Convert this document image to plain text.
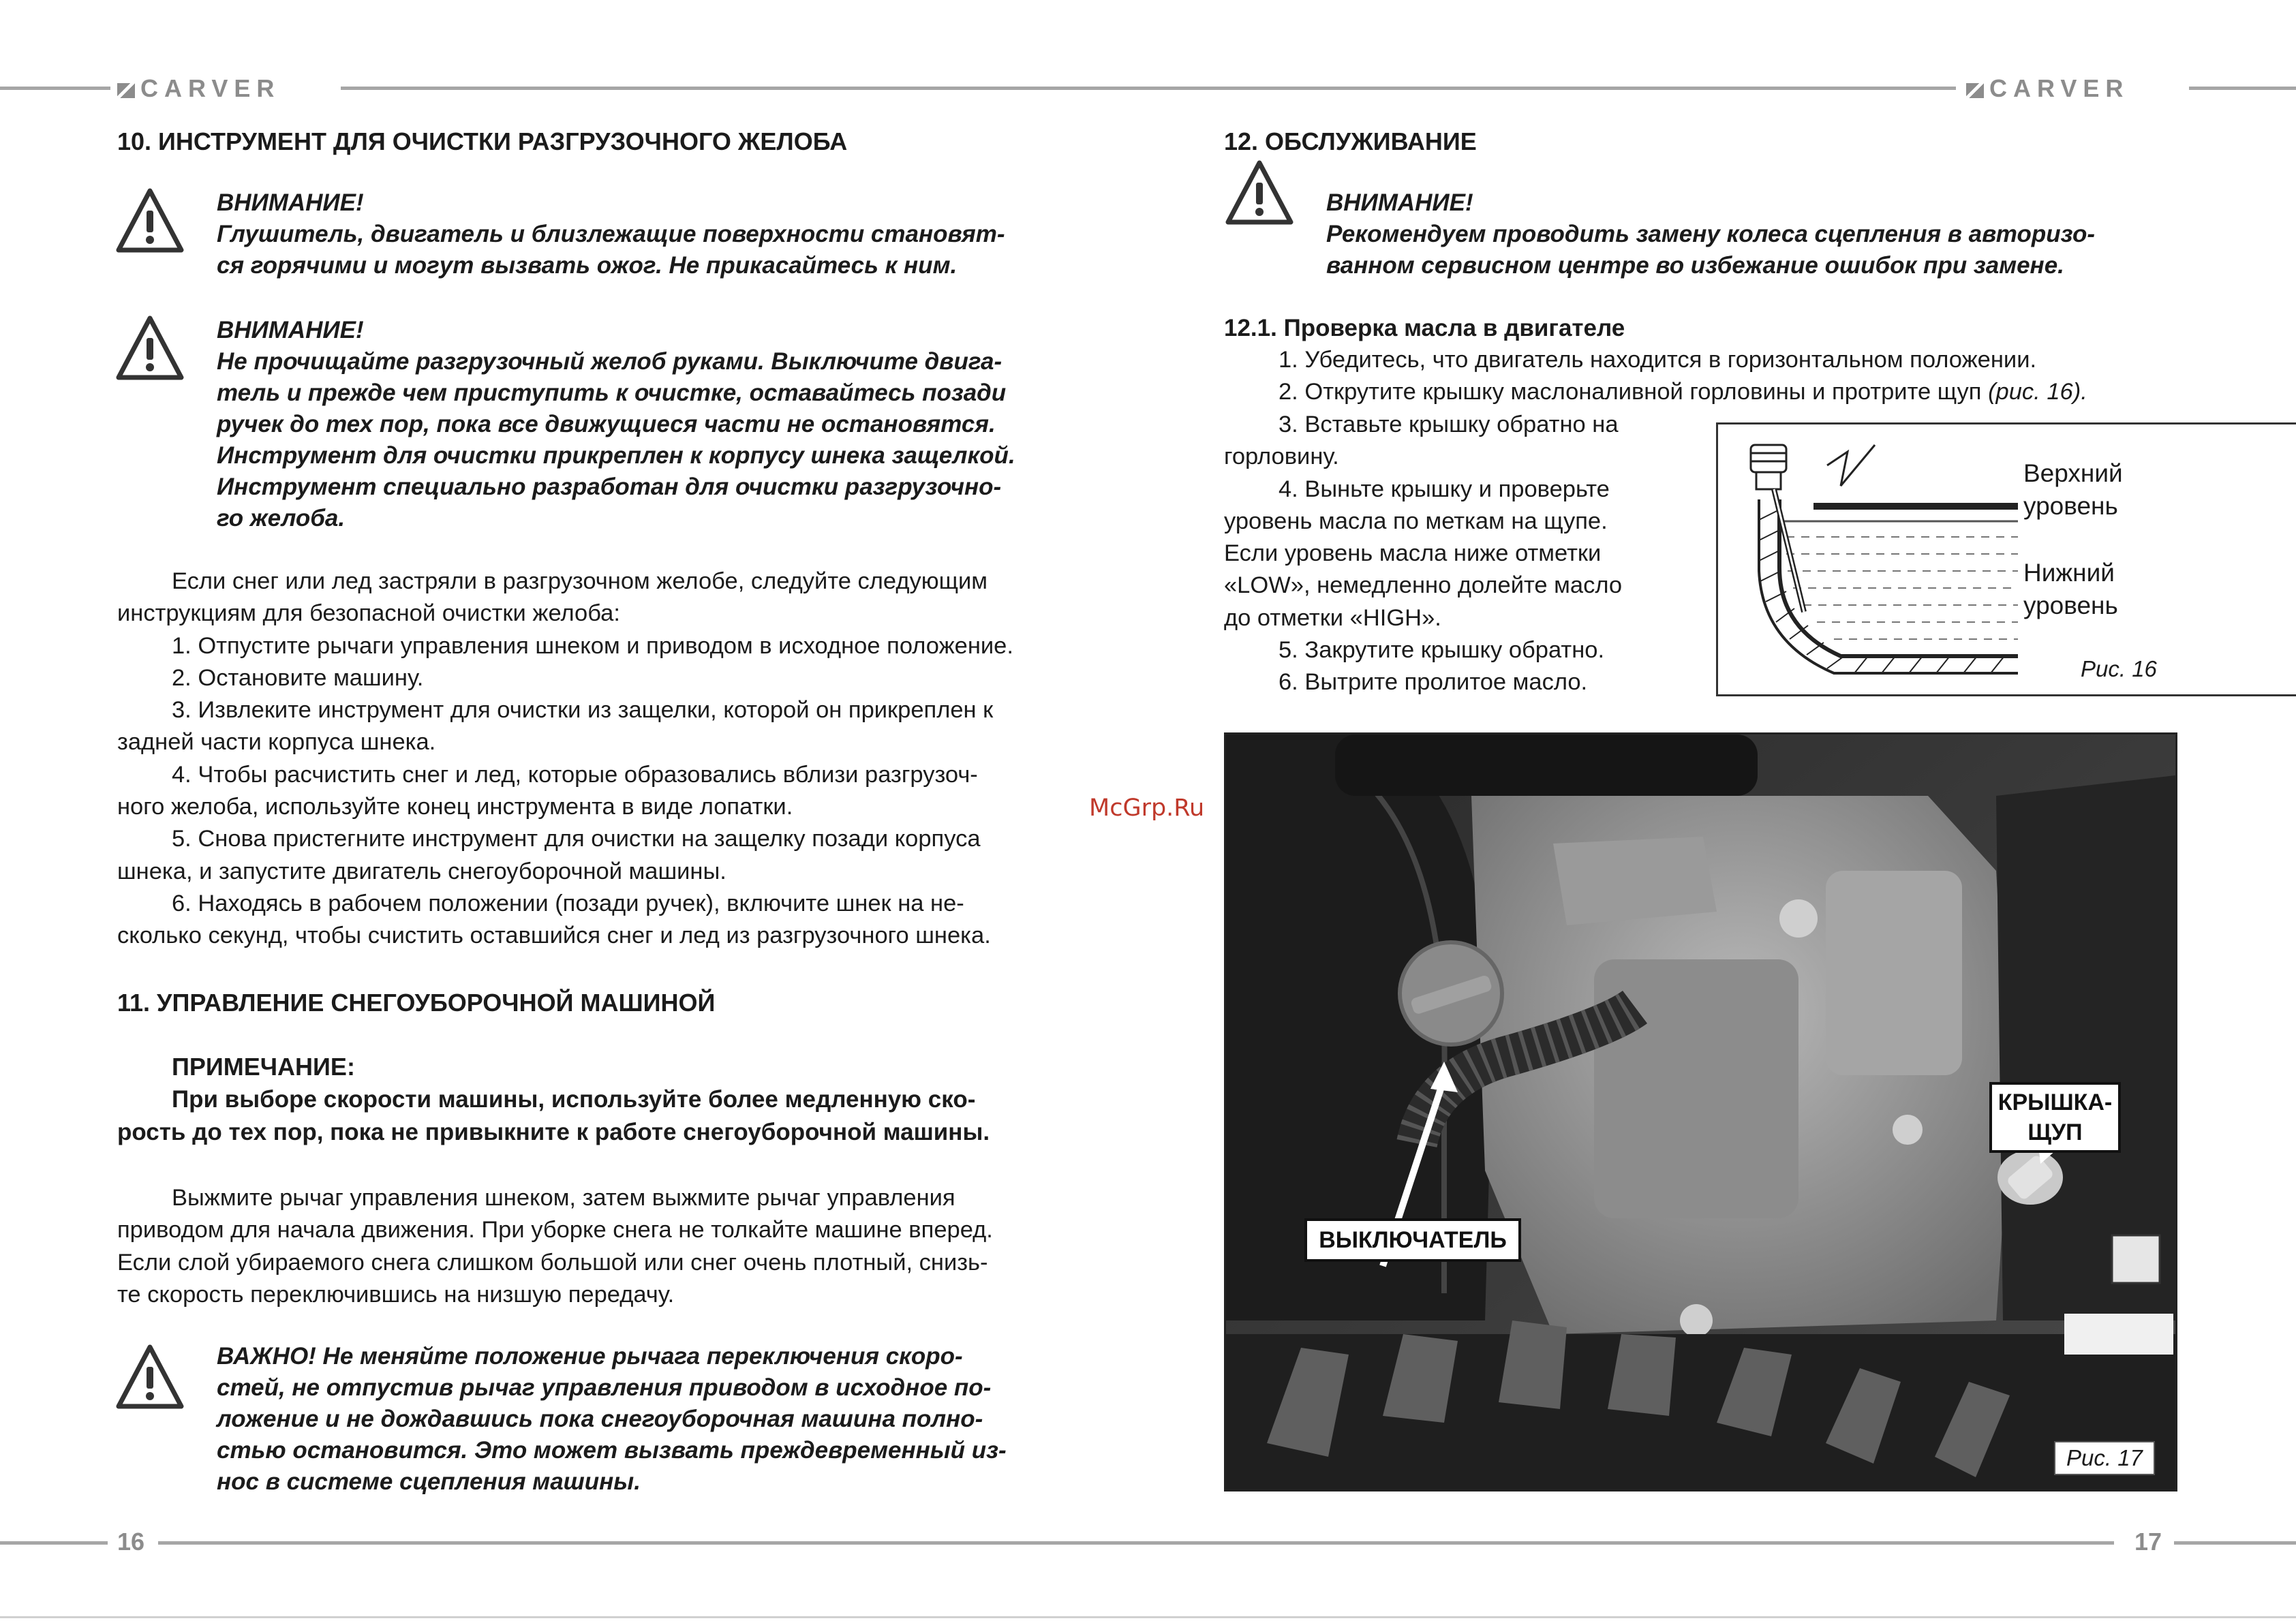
CARVER	CARVER
16	17
10. ИНСТРУМЕНТ ДЛЯ ОЧИСТКИ РАЗГРУЗОЧНОГО ЖЕЛОБА
ВНИМАНИЕ!
Глушитель, двигатель и близлежащие поверхности становят-
ся горячими и могут вызвать ожог. Не прикасайтесь к ним.
ВНИМАНИЕ!
Не прочищайте разгрузочный желоб руками. Выключите двига-
тель и прежде чем приступить к очистке, оставайтесь позади
ручек до тех пор, пока все движущиеся части не остановятся.
Инструмент для очистки прикреплен к корпусу шнека защелкой.
Инструмент специально разработан для очистки разгрузочно-
го желоба.
Если снег или лед застряли в разгрузочном желобе, следуйте следующим
инструкциям для безопасной очистки желоба:
1. Отпустите рычаги управления шнеком и приводом в исходное положение.
2. Остановите машину.
3. Извлеките инструмент для очистки из защелки, которой он прикреплен к
задней части корпуса шнека.
4. Чтобы расчистить снег и лед, которые образовались вблизи разгрузоч-
ного желоба, используйте конец инструмента в виде лопатки.
5. Снова пристегните инструмент для очистки на защелку позади корпуса
шнека, и запустите двигатель снегоуборочной машины.
6. Находясь в рабочем положении (позади ручек), включите шнек на не-
сколько секунд, чтобы счистить оставшийся снег и лед из разгрузочного шнека.
11. УПРАВЛЕНИЕ СНЕГОУБОРОЧНОЙ МАШИНОЙ
ПРИМЕЧАНИЕ:
При выборе скорости машины, используйте более медленную ско-
рость до тех пор, пока не привыкните к работе снегоуборочной машины.
Выжмите рычаг управления шнеком, затем выжмите рычаг управления
приводом для начала движения. При уборке снега не толкайте машине вперед.
Если слой убираемого снега слишком большой или снег очень плотный, снизь-
те скорость переключившись на низшую передачу.
ВАЖНО! Не меняйте положение рычага переключения скоро-
стей, не отпустив рычаг управления приводом в исходное по-
ложение и не дождавшись пока снегоуборочная машина полно-
стью остановится. Это может вызвать преждевременный из-
нос в системе сцепления машины.
McGrp.Ru
12. ОБСЛУЖИВАНИЕ
ВНИМАНИЕ!
Рекомендуем проводить замену колеса сцепления в авторизо-
ванном сервисном центре во избежание ошибок при замене.
12.1. Проверка масла в двигателе
1. Убедитесь, что двигатель находится в горизонтальном положении.
2. Открутите крышку маслоналивной горловины и протрите щуп (рис. 16).
3. Вставьте крышку обратно на
горловину.
4. Выньте крышку и проверьте
уровень масла по меткам на щупе.
Если уровень масла ниже отметки
«LOW», немедленно долейте масло
до отметки «HIGH».
5. Закрутите крышку обратно.
6. Вытрите пролитое масло.
Верхний
уровень
Нижний
уровень
Рис. 16
ВЫКЛЮЧАТЕЛЬ
КРЫШКА-
ЩУП
Рис. 17
